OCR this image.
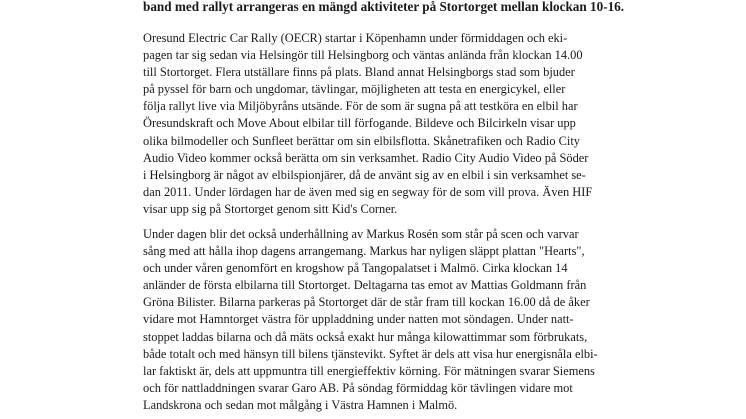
band med rallyt arrangeras en mängd aktiviteter på Stortorget mellan klockan 10-16.
Oresund Electric Car Rally (OECR) startar i Köpenhamn under förmiddagen och eki-
pagen tar sig sedan via Helsingör till Helsingborg och väntas anlända från klockan 14.00
till Stortorget. Flera utställare finns på plats. Bland annat Helsingborgs stad som bjuder
på pyssel för barn och ungdomar, tävlingar, möjligheten att testa en energicykel, eller
följa rallyt live via Miljöbyråns utsände. För de som är sugna på att testköra en elbil har
Öresundskraft och Move About elbilar till förfogande. Bildeve och Bilcirkeln visar upp
olika bilmodeller och Sunfleet berättar om sin elbilsflotta. Skånetrafiken och Radio City
Audio Video kommer också berätta om sin verksamhet. Radio City Audio Video på Söder
i Helsingborg är något av elbilspionjärer, då de använt sig av en elbil i sin verksamhet se-
dan 2011. Under lördagen har de även med sig en segway för de som vill prova. Även HIF
visar upp sig på Stortorget genom sitt Kid's Corner.
Under dagen blir det också underhållning av Markus Rosén som står på scen och varvar
sång med att hålla ihop dagens arrangemang. Markus har nyligen släppt plattan "Hearts",
och under våren genomfört en krogshow på Tangopalatset i Malmö. Cirka klockan 14
anländer de första elbilarna till Stortorget. Deltagarna tas emot av Mattias Goldmann från
Gröna Bilister. Bilarna parkeras på Stortorget där de står fram till kockan 16.00 då de åker
vidare mot Hamntorget västra för uppladdning under natten mot söndagen. Under natt-
stoppet laddas bilarna och då mäts också exakt hur många kilowattimmar som förbrukats,
både totalt och med hänsyn till bilens tjänstevikt. Syftet är dels att visa hur energisnåla elbi-
lar faktiskt är, dels att uppmuntra till energieffektiv körning. För mätningen svarar Siemens
och för nattladdningen svarar Garo AB. På söndag förmiddag kör tävlingen vidare mot
Landskrona och sedan mot målgång i Västra Hamnen i Malmö.
